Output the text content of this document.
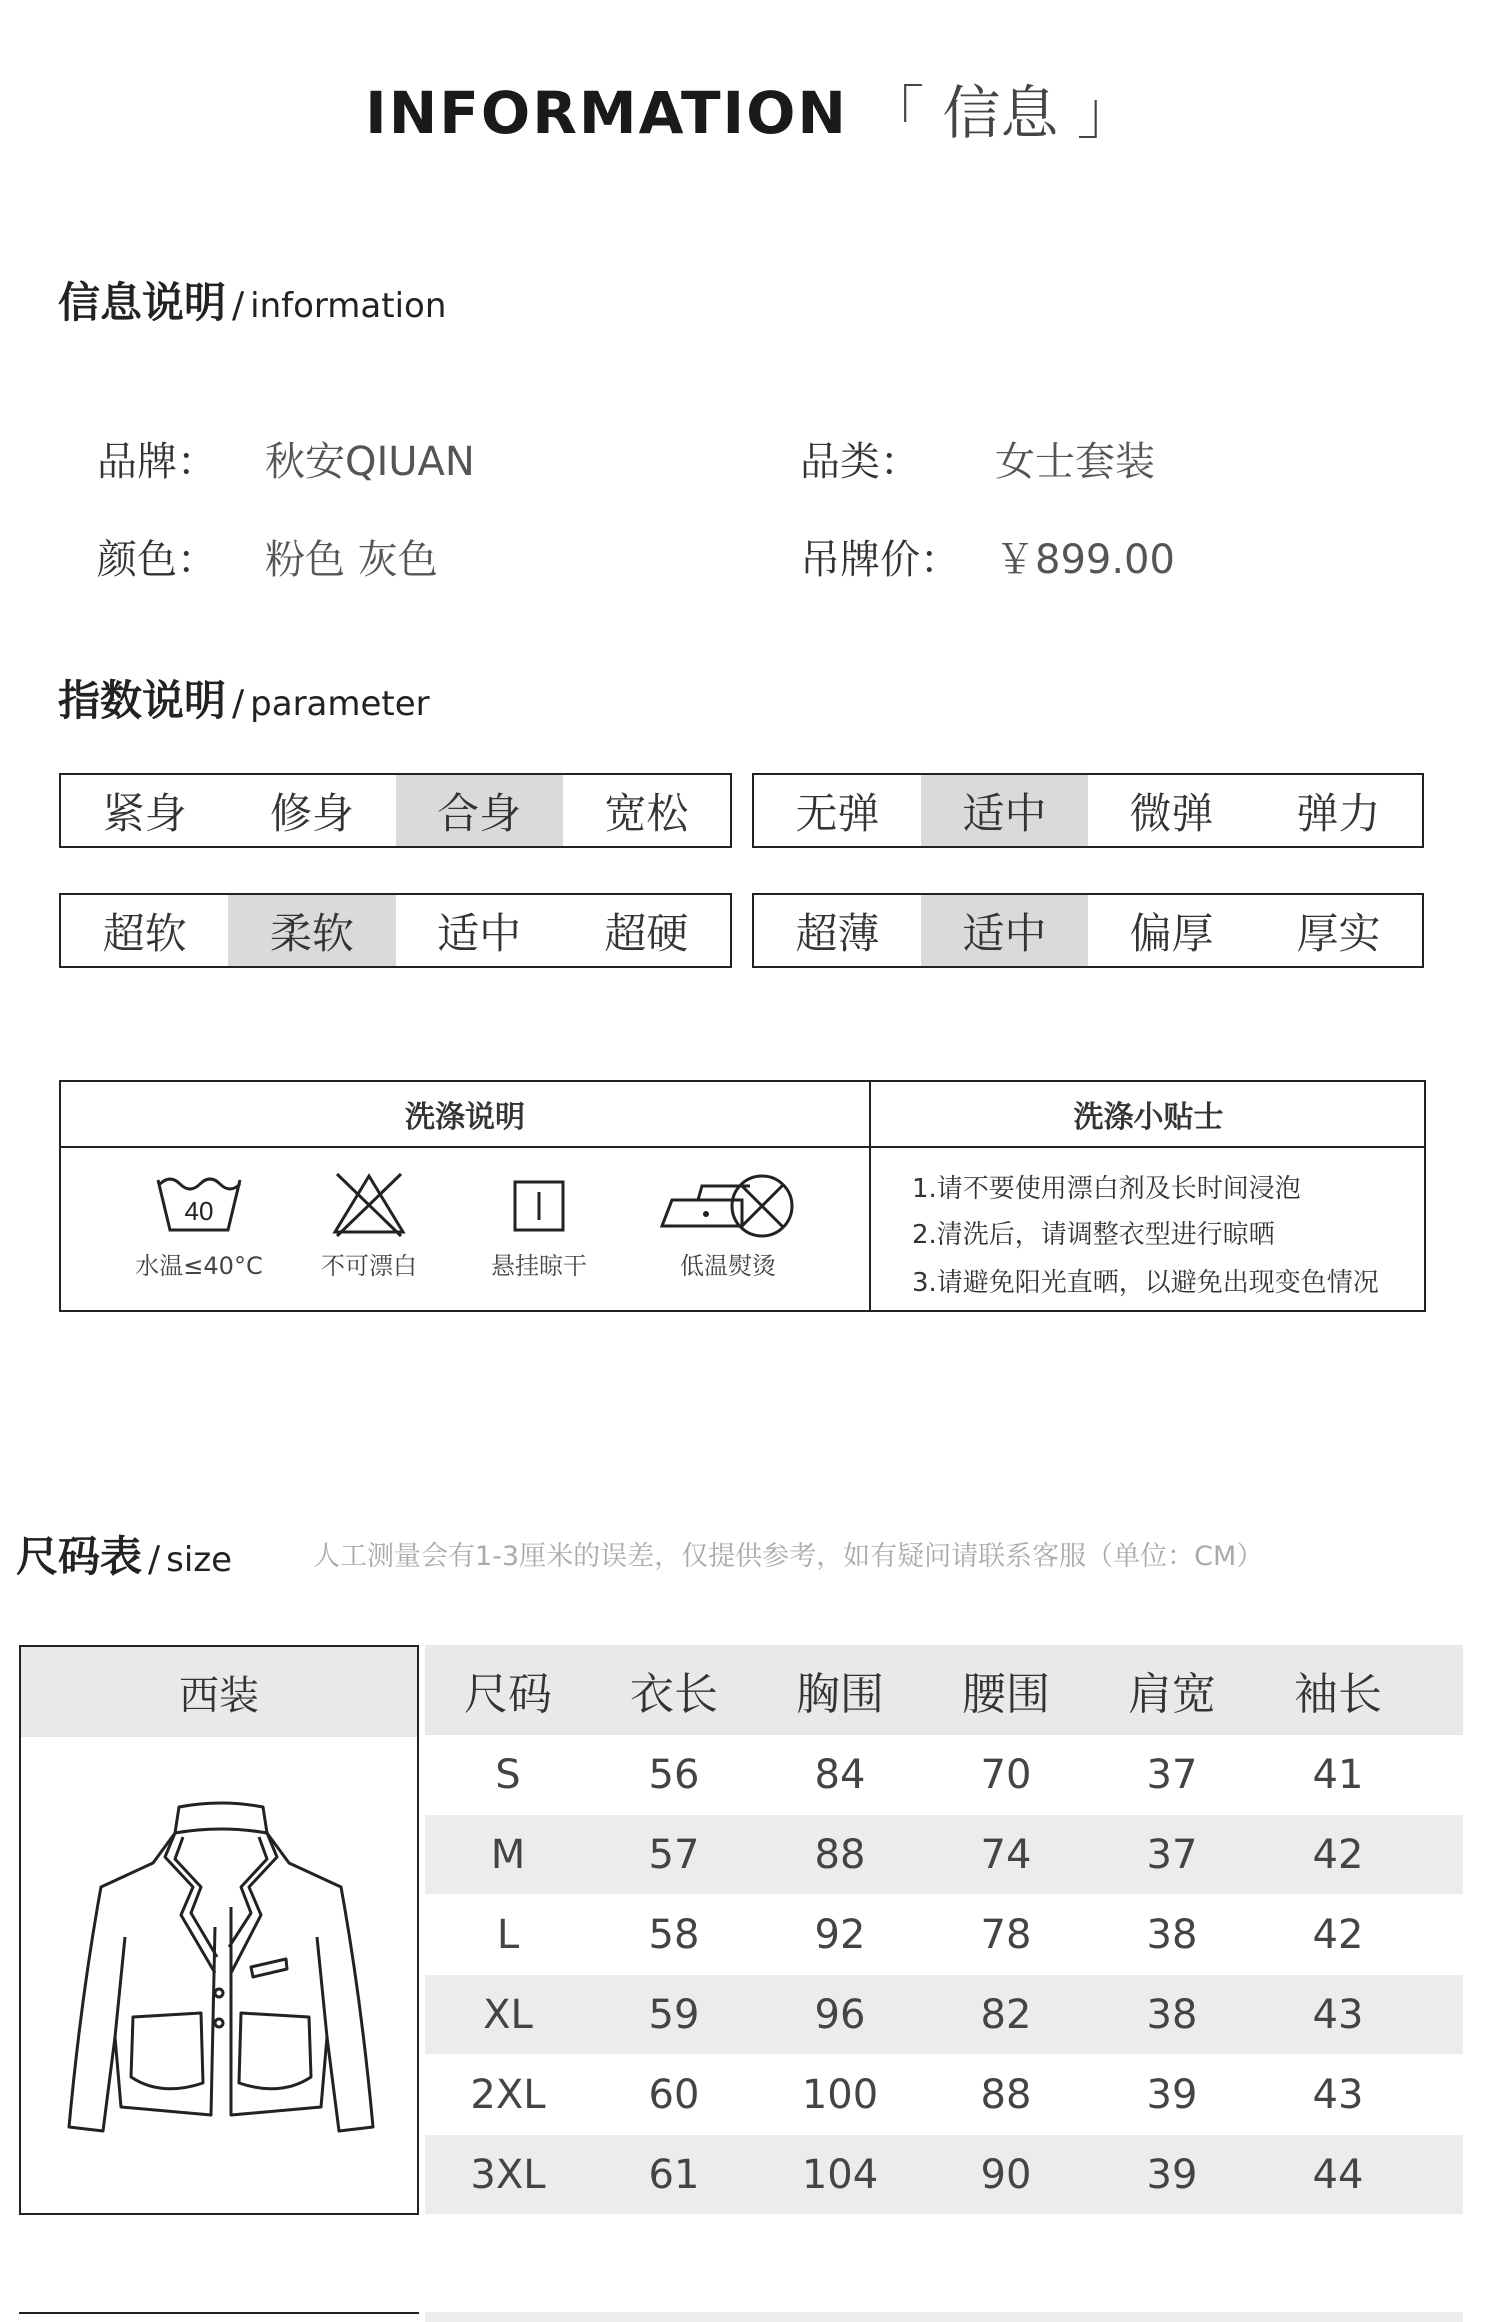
INFORMATION 「 信息 」
信息说明 / information
品牌： 秋安QIUAN	品类： 女士套装
颜色： 粉色 灰色	吊牌价： ￥899.00
指数说明 / parameter
紧身	修身	合身	宽松	无弹	适中	微弹	弹力
超软	柔软	适中	超硬	超薄	适中	偏厚	厚实
洗涤说明	洗涤小贴士
40
水温≤40°C	不可漂白	悬挂晾干	低温熨烫
1.请不要使用漂白剂及长时间浸泡
2.清洗后，请调整衣型进行晾晒
3.请避免阳光直晒，以避免出现变色情况
尺码表 / size	人工测量会有1-3厘米的误差，仅提供参考，如有疑问请联系客服（单位：CM）
西装	尺码	衣长	胸围	腰围	肩宽	袖长
S	56	84	70	37	41
M	57	88	74	37	42
L	58	92	78	38	42
XL	59	96	82	38	43
2XL	60	100	88	39	43
3XL	61	104	90	39	44
